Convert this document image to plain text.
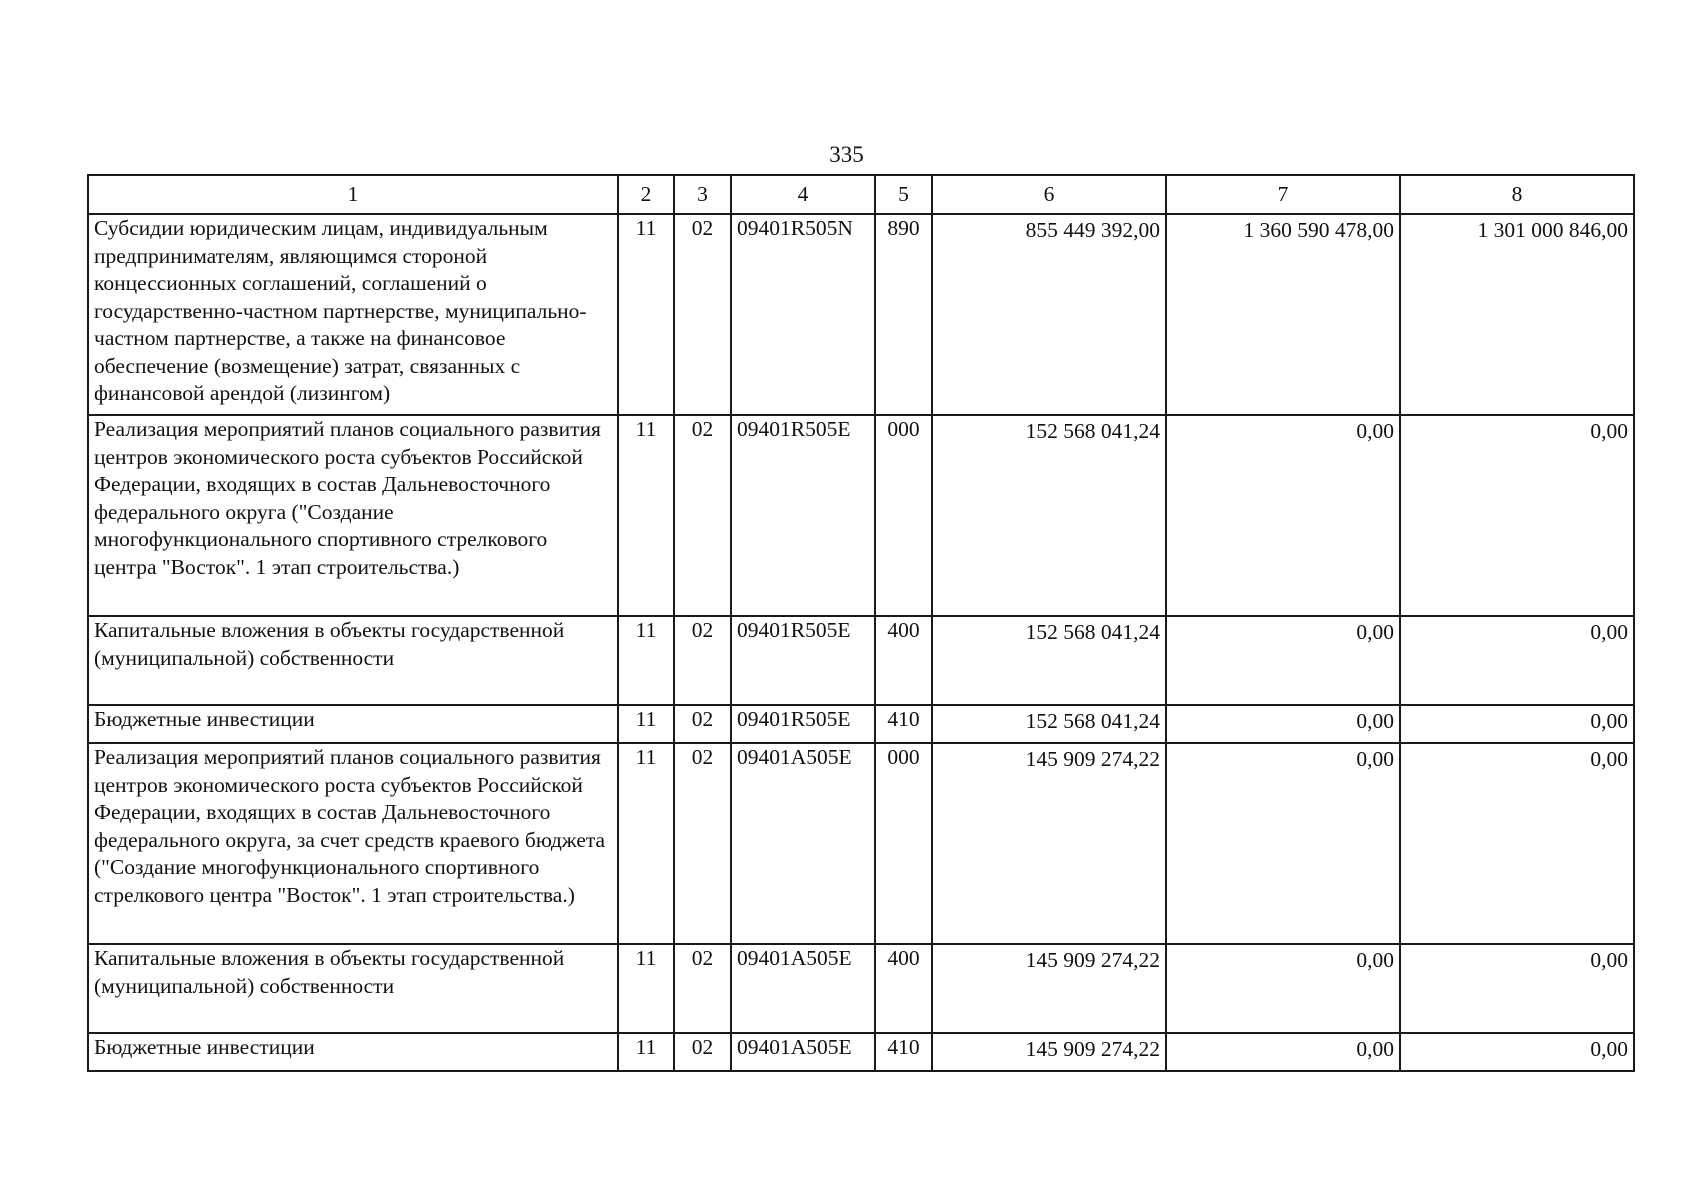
335
1	2	3	4	5	6	7	8
Субсидии юридическим лицам, индивидуальным предпринимателям, являющимся стороной концессионных соглашений, соглашений о государственно-частном партнерстве, муниципально-частном партнерстве, а также на финансовое обеспечение (возмещение) затрат, связанных с финансовой арендой (лизингом)	11	02	09401R505N	890	855 449 392,00	1 360 590 478,00	1 301 000 846,00
Реализация мероприятий планов социального развития центров экономического роста субъектов Российской Федерации, входящих в состав Дальневосточного федерального округа ("Создание многофункционального спортивного стрелкового центра "Восток". 1 этап строительства.)	11	02	09401R505E	000	152 568 041,24	0,00	0,00
Капитальные вложения в объекты государственной (муниципальной) собственности	11	02	09401R505E	400	152 568 041,24	0,00	0,00
Бюджетные инвестиции	11	02	09401R505E	410	152 568 041,24	0,00	0,00
Реализация мероприятий планов социального развития центров экономического роста субъектов Российской Федерации, входящих в состав Дальневосточного федерального округа, за счет средств краевого бюджета ("Создание многофункционального спортивного стрелкового центра "Восток". 1 этап строительства.)	11	02	09401A505E	000	145 909 274,22	0,00	0,00
Капитальные вложения в объекты государственной (муниципальной) собственности	11	02	09401A505E	400	145 909 274,22	0,00	0,00
Бюджетные инвестиции	11	02	09401A505E	410	145 909 274,22	0,00	0,00
